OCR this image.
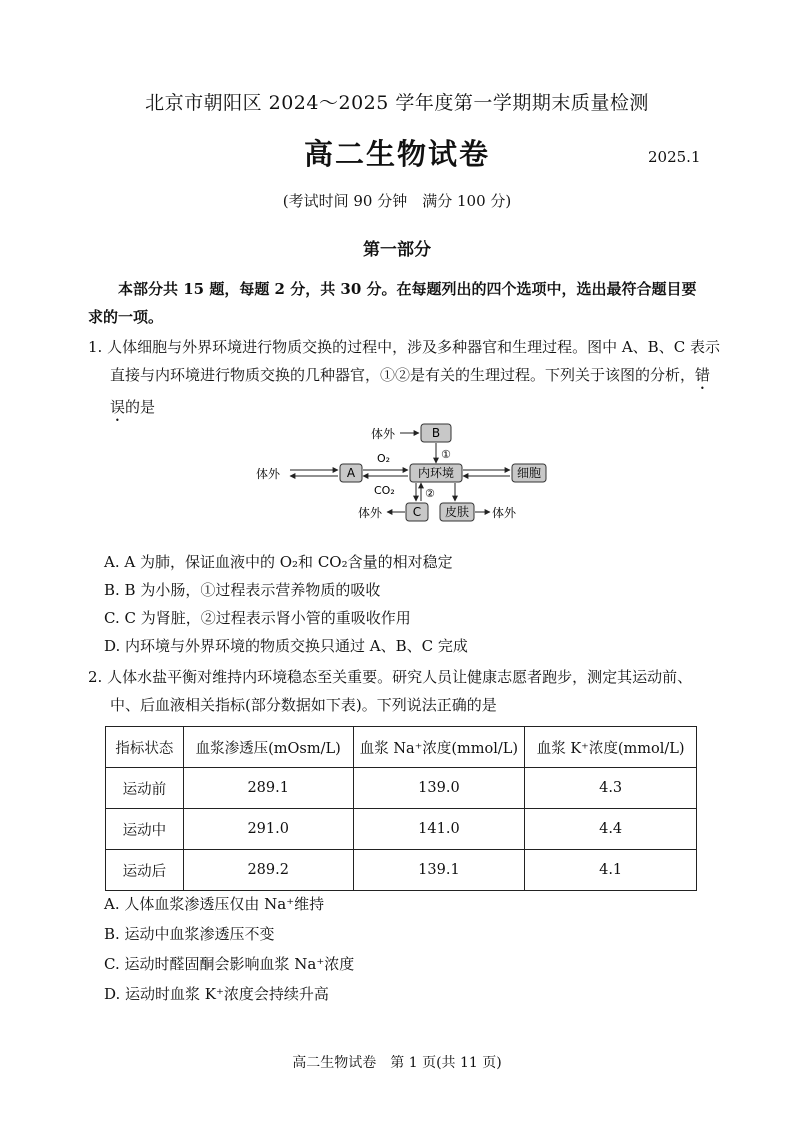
北京市朝阳区 2024～2025 学年度第一学期期末质量检测
高二生物试卷	2025.1
(考试时间 90 分钟　满分 100 分)
第一部分
本部分共 15 题，每题 2 分，共 30 分。在每题列出的四个选项中，选出最符合题目要求的一项。
1. 人体细胞与外界环境进行物质交换的过程中，涉及多种器官和生理过程。图中 A、B、C 表示直接与内环境进行物质交换的几种器官，①②是有关的生理过程。下列关于该图的分析，错误的是
体外	B
体外	A	内环境	细胞
C 皮肤
体外	体外
O₂
CO₂
①
②
A. A 为肺，保证血液中的 O₂和 CO₂含量的相对稳定
B. B 为小肠，①过程表示营养物质的吸收
C. C 为肾脏，②过程表示肾小管的重吸收作用
D. 内环境与外界环境的物质交换只通过 A、B、C 完成
2. 人体水盐平衡对维持内环境稳态至关重要。研究人员让健康志愿者跑步，测定其运动前、中、后血液相关指标(部分数据如下表)。下列说法正确的是
指标状态	血浆渗透压(mOsm/L)	血浆 Na⁺浓度(mmol/L)	血浆 K⁺浓度(mmol/L)
运动前	289.1	139.0	4.3
运动中	291.0	141.0	4.4
运动后	289.2	139.1	4.1
A. 人体血浆渗透压仅由 Na⁺维持
B. 运动中血浆渗透压不变
C. 运动时醛固酮会影响血浆 Na⁺浓度
D. 运动时血浆 K⁺浓度会持续升高
高二生物试卷　第 1 页(共 11 页)
